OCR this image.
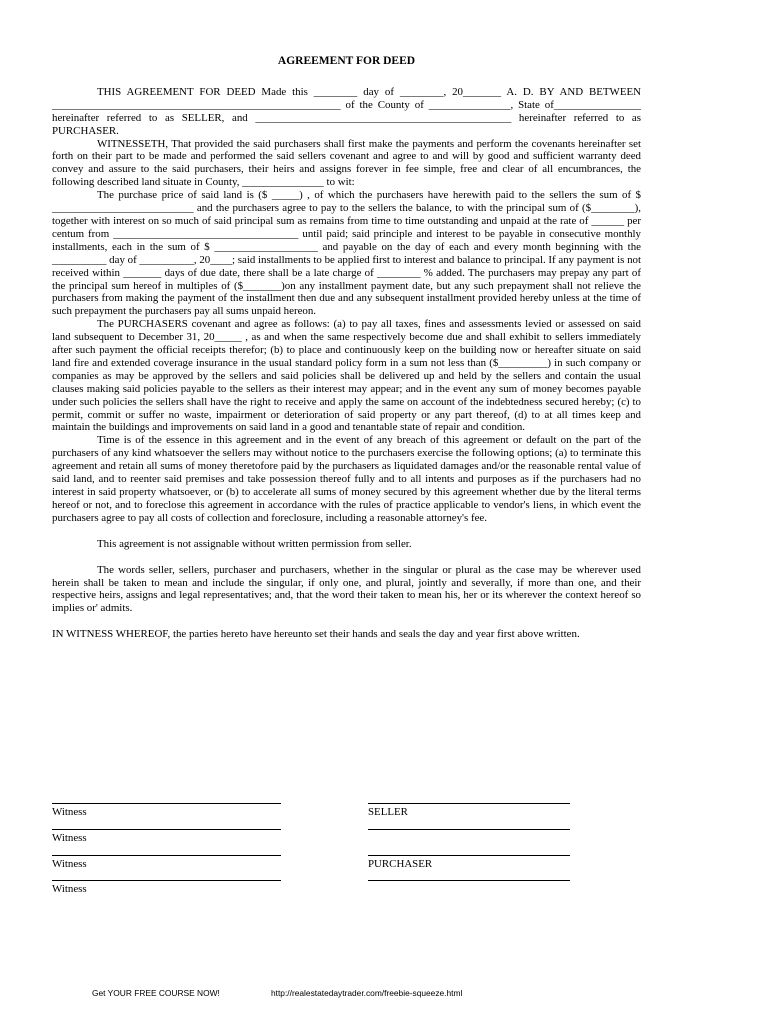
AGREEMENT FOR DEED

THIS AGREEMENT FOR DEED Made this ________ day of ________, 20_______ A. D. BY AND BETWEEN _____________________________________________________ of the County of _______________, State of________________ hereinafter referred to as SELLER, and _______________________________________________ hereinafter referred to as PURCHASER.

WITNESSETH, That provided the said purchasers shall first make the payments and perform the covenants hereinafter set forth on their part to be made and performed the said sellers covenant and agree to and will by good and sufficient warranty deed convey and assure to the said purchasers, their heirs and assigns forever in fee simple, free and clear of all encumbrances, the following described land situate in County, _______________ to wit:

The purchase price of said land is ($ _____) , of which the purchasers have herewith paid to the sellers the sum of $ __________________________ and the purchasers agree to pay to the sellers the balance, to with the principal sum of ($________), together with interest on so much of said principal sum as remains from time to time outstanding and unpaid at the rate of ______ per centum from __________________________________ until paid; said principle and interest to be payable in consecutive monthly installments, each in the sum of $ ___________________ and payable on the day of each and every month beginning with the __________ day of __________, 20____; said installments to be applied first to interest and balance to principal. If any payment is not received within _______ days of due date, there shall be a late charge of ________ % added. The purchasers may prepay any part of the principal sum hereof in multiples of ($_______)on any installment payment date, but any such prepayment shall not relieve the purchasers from making the payment of the installment then due and any subsequent installment provided hereby unless at the time of such prepayment the purchasers pay all sums unpaid hereon.

The PURCHASERS covenant and agree as follows: (a) to pay all taxes, fines and assessments levied or assessed on said land subsequent to December 31, 20_____ , as and when the same respectively become due and shall exhibit to sellers immediately after such payment the official receipts therefor; (b) to place and continuously keep on the building now or hereafter situate on said land fire and extended coverage insurance in the usual standard policy form in a sum not less than ($_________) in such company or companies as may be approved by the sellers and said policies shall be delivered up and held by the sellers and contain the usual clauses making said policies payable to the sellers as their interest may appear; and in the event any sum of money becomes payable under such policies the sellers shall have the right to receive and apply the same on account of the indebtedness secured hereby; (c) to permit, commit or suffer no waste, impairment or deterioration of said property or any part thereof, (d) to at all times keep and maintain the buildings and improvements on said land in a good and tenantable state of repair and condition.

Time is of the essence in this agreement and in the event of any breach of this agreement or default on the part of the purchasers of any kind whatsoever the sellers may without notice to the purchasers exercise the following options; (a) to terminate this agreement and retain all sums of money theretofore paid by the purchasers as liquidated damages and/or the reasonable rental value of said land, and to reenter said premises and take possession thereof fully and to all intents and purposes as if the purchasers had no interest in said property whatsoever, or (b) to accelerate all sums of money secured by this agreement whether due by the literal terms hereof or not, and to foreclose this agreement in accordance with the rules of practice applicable to vendor's liens, in which event the purchasers agree to pay all costs of collection and foreclosure, including a reasonable attorney's fee.

This agreement is not assignable without written permission from seller.

The words seller, sellers, purchaser and purchasers, whether in the singular or plural as the case may be wherever used herein shall be taken to mean and include the singular, if only one, and plural, jointly and severally, if more than one, and their respective heirs, assigns and legal representatives; and, that the word their taken to mean his, her or its wherever the context hereof so implies or' admits.

IN WITNESS WHEREOF, the parties hereto have hereunto set their hands and seals the day and year first above written.

Witness	SELLER
Witness
Witness	PURCHASER
Witness
Get YOUR FREE COURSE NOW!	http://realestatedaytrader.com/freebie-squeeze.html
